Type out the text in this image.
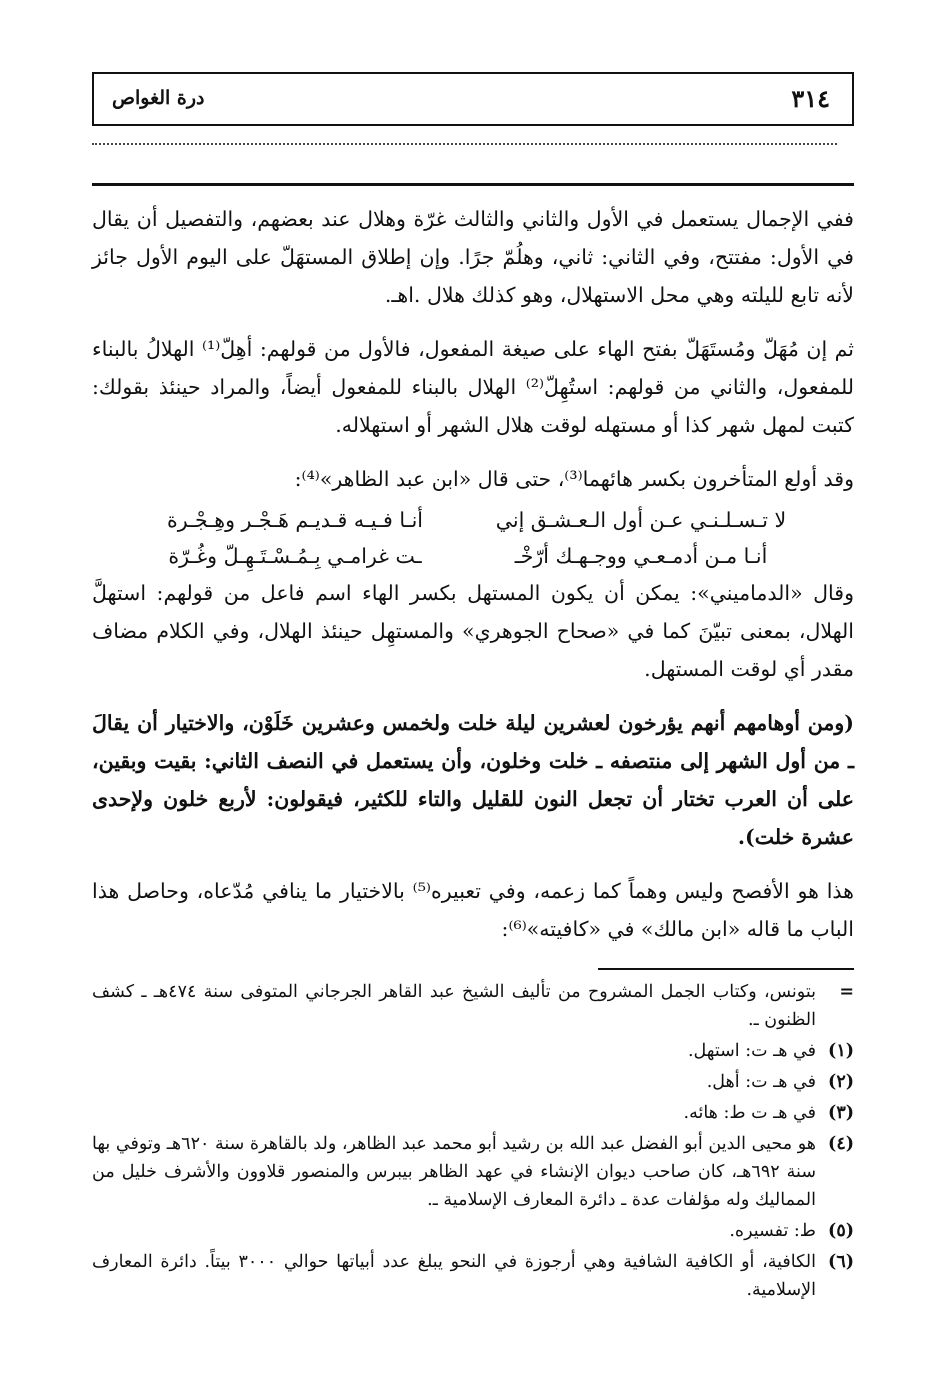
٣١٤
درة الغواص

ففي الإجمال يستعمل في الأول والثاني والثالث غرّة وهلال عند بعضهم، والتفصيل أن يقال في الأول: مفتتح، وفي الثاني: ثاني، وهلُمّ جرًا. وإن إطلاق المستهَلّ على اليوم الأول جائز لأنه تابع لليلته وهي محل الاستهلال، وهو كذلك هلال .اهـ.

ثم إن مُهَلّ ومُستَهَلّ بفتح الهاء على صيغة المفعول، فالأول من قولهم: أهِلّ⁽¹⁾ الهلالُ بالبناء للمفعول، والثاني من قولهم: استُهِلّ⁽²⁾ الهلال بالبناء للمفعول أيضاً، والمراد حينئذ بقولك: كتبت لمهل شهر كذا أو مستهله لوقت هلال الشهر أو استهلاله.

وقد أولع المتأخرون بكسر هائهما⁽³⁾، حتى قال «ابن عبد الظاهر»⁽⁴⁾:

لا تـسـلـنـي عـن أول الـعـشـق إني
أنـا فـيـه قـديـم هَـجْـر وهِـجْـرة
أنـا مـن أدمـعـي ووجـهـك أرّخْـ
ـت غرامـي بِـمُـسْـتَـهِـلّ وغُـرّة

وقال «الدماميني»: يمكن أن يكون المستهل بكسر الهاء اسم فاعل من قولهم: استهلَّ الهلال، بمعنى تبيّنَ كما في «صحاح الجوهري» والمستهِل حينئذ الهلال، وفي الكلام مضاف مقدر أي لوقت المستهل.

(ومن أوهامهم أنهم يؤرخون لعشرين ليلة خلت ولخمس وعشرين خَلَوْن، والاختيار أن يقالَ ـ من أول الشهر إلى منتصفه ـ خلت وخلون، وأن يستعمل في النصف الثاني: بقيت وبقين، على أن العرب تختار أن تجعل النون للقليل والتاء للكثير، فيقولون: لأربع خلون ولإحدى عشرة خلت).

هذا هو الأفصح وليس وهماً كما زعمه، وفي تعبيره⁽⁵⁾ بالاختيار ما ينافي مُدّعاه، وحاصل هذا الباب ما قاله «ابن مالك» في «كافيته»⁽⁶⁾:

=
بتونس، وكتاب الجمل المشروح من تأليف الشيخ عبد القاهر الجرجاني المتوفى سنة ٤٧٤هـ ـ كشف الظنون ـ.
(١)
في هـ ت: استهل.
(٢)
في هـ ت: أهل.
(٣)
في هـ ت ط: هائه.
(٤)
هو محيى الدين أبو الفضل عبد الله بن رشيد أبو محمد عبد الظاهر، ولد بالقاهرة سنة ٦٢٠هـ وتوفي بها سنة ٦٩٢هـ، كان صاحب ديوان الإنشاء في عهد الظاهر بيبرس والمنصور قلاوون والأشرف خليل من المماليك وله مؤلفات عدة ـ دائرة المعارف الإسلامية ـ.
(٥)
ط: تفسيره.
(٦)
الكافية، أو الكافية الشافية وهي أرجوزة في النحو يبلغ عدد أبياتها حوالي ٣٠٠٠ بيتاً. دائرة المعارف الإسلامية.
